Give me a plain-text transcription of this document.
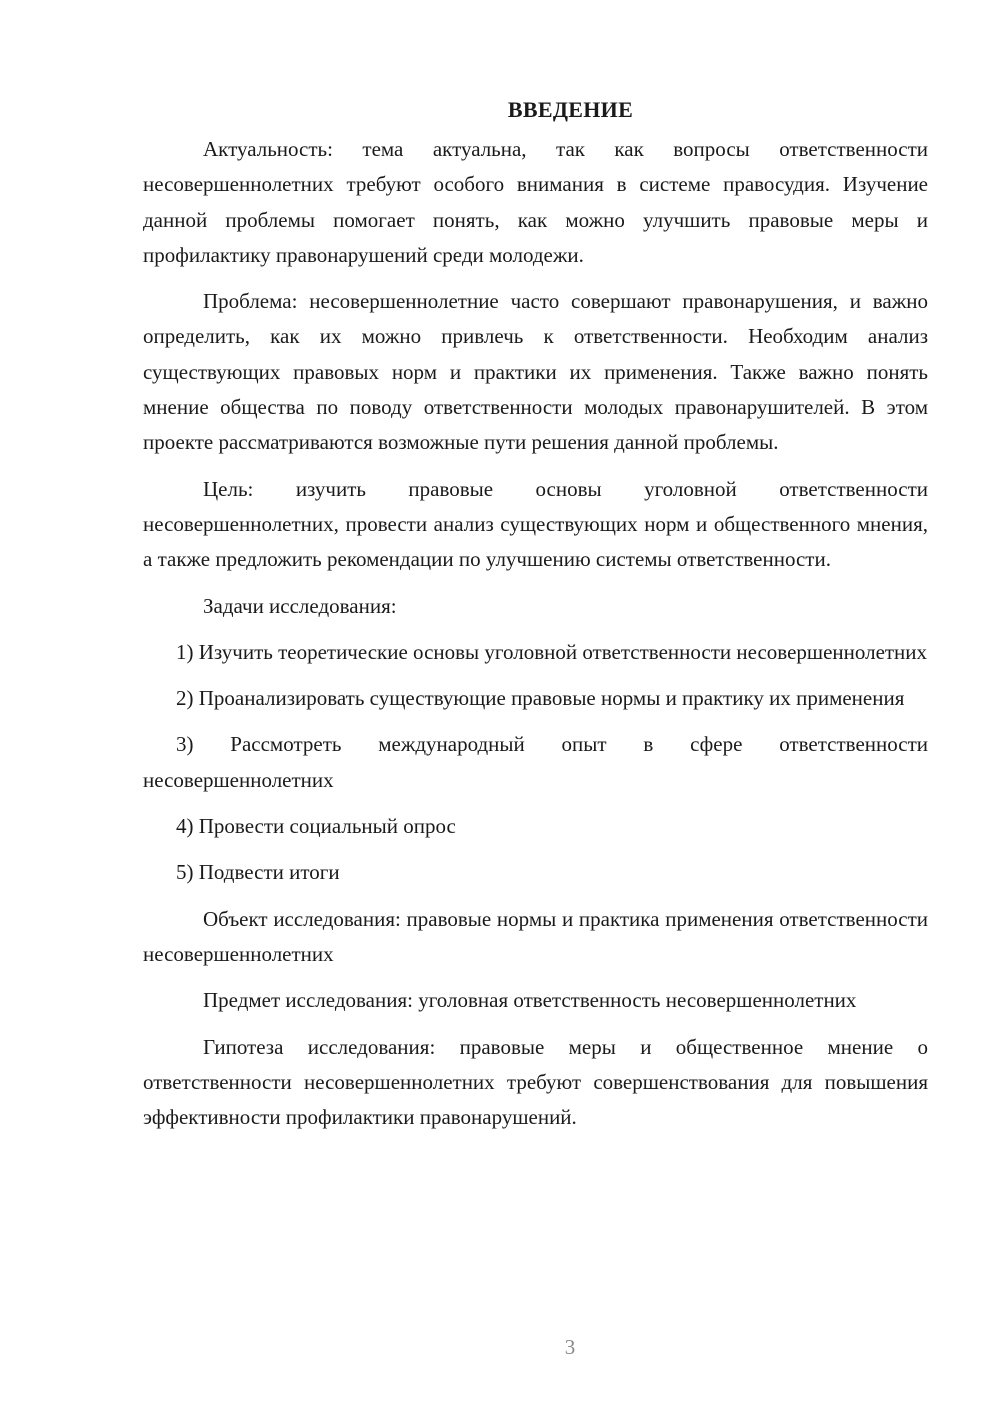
ВВЕДЕНИЕ

Актуальность: тема актуальна, так как вопросы ответственности несовершеннолетних требуют особого внимания в системе правосудия. Изучение данной проблемы помогает понять, как можно улучшить правовые меры и профилактику правонарушений среди молодежи.

Проблема: несовершеннолетние часто совершают правонарушения, и важно определить, как их можно привлечь к ответственности. Необходим анализ существующих правовых норм и практики их применения. Также важно понять мнение общества по поводу ответственности молодых правонарушителей. В этом проекте рассматриваются возможные пути решения данной проблемы.

Цель: изучить правовые основы уголовной ответственности несовершеннолетних, провести анализ существующих норм и общественного мнения, а также предложить рекомендации по улучшению системы ответственности.

Задачи исследования:

1) Изучить теоретические основы уголовной ответственности несовершеннолетних

2) Проанализировать существующие правовые нормы и практику их применения

3) Рассмотреть международный опыт в сфере ответственности несовершеннолетних

4) Провести социальный опрос

5) Подвести итоги

Объект исследования: правовые нормы и практика применения ответственности несовершеннолетних

Предмет исследования: уголовная ответственность несовершеннолетних

Гипотеза исследования: правовые меры и общественное мнение о ответственности несовершеннолетних требуют совершенствования для повышения эффективности профилактики правонарушений.

3
